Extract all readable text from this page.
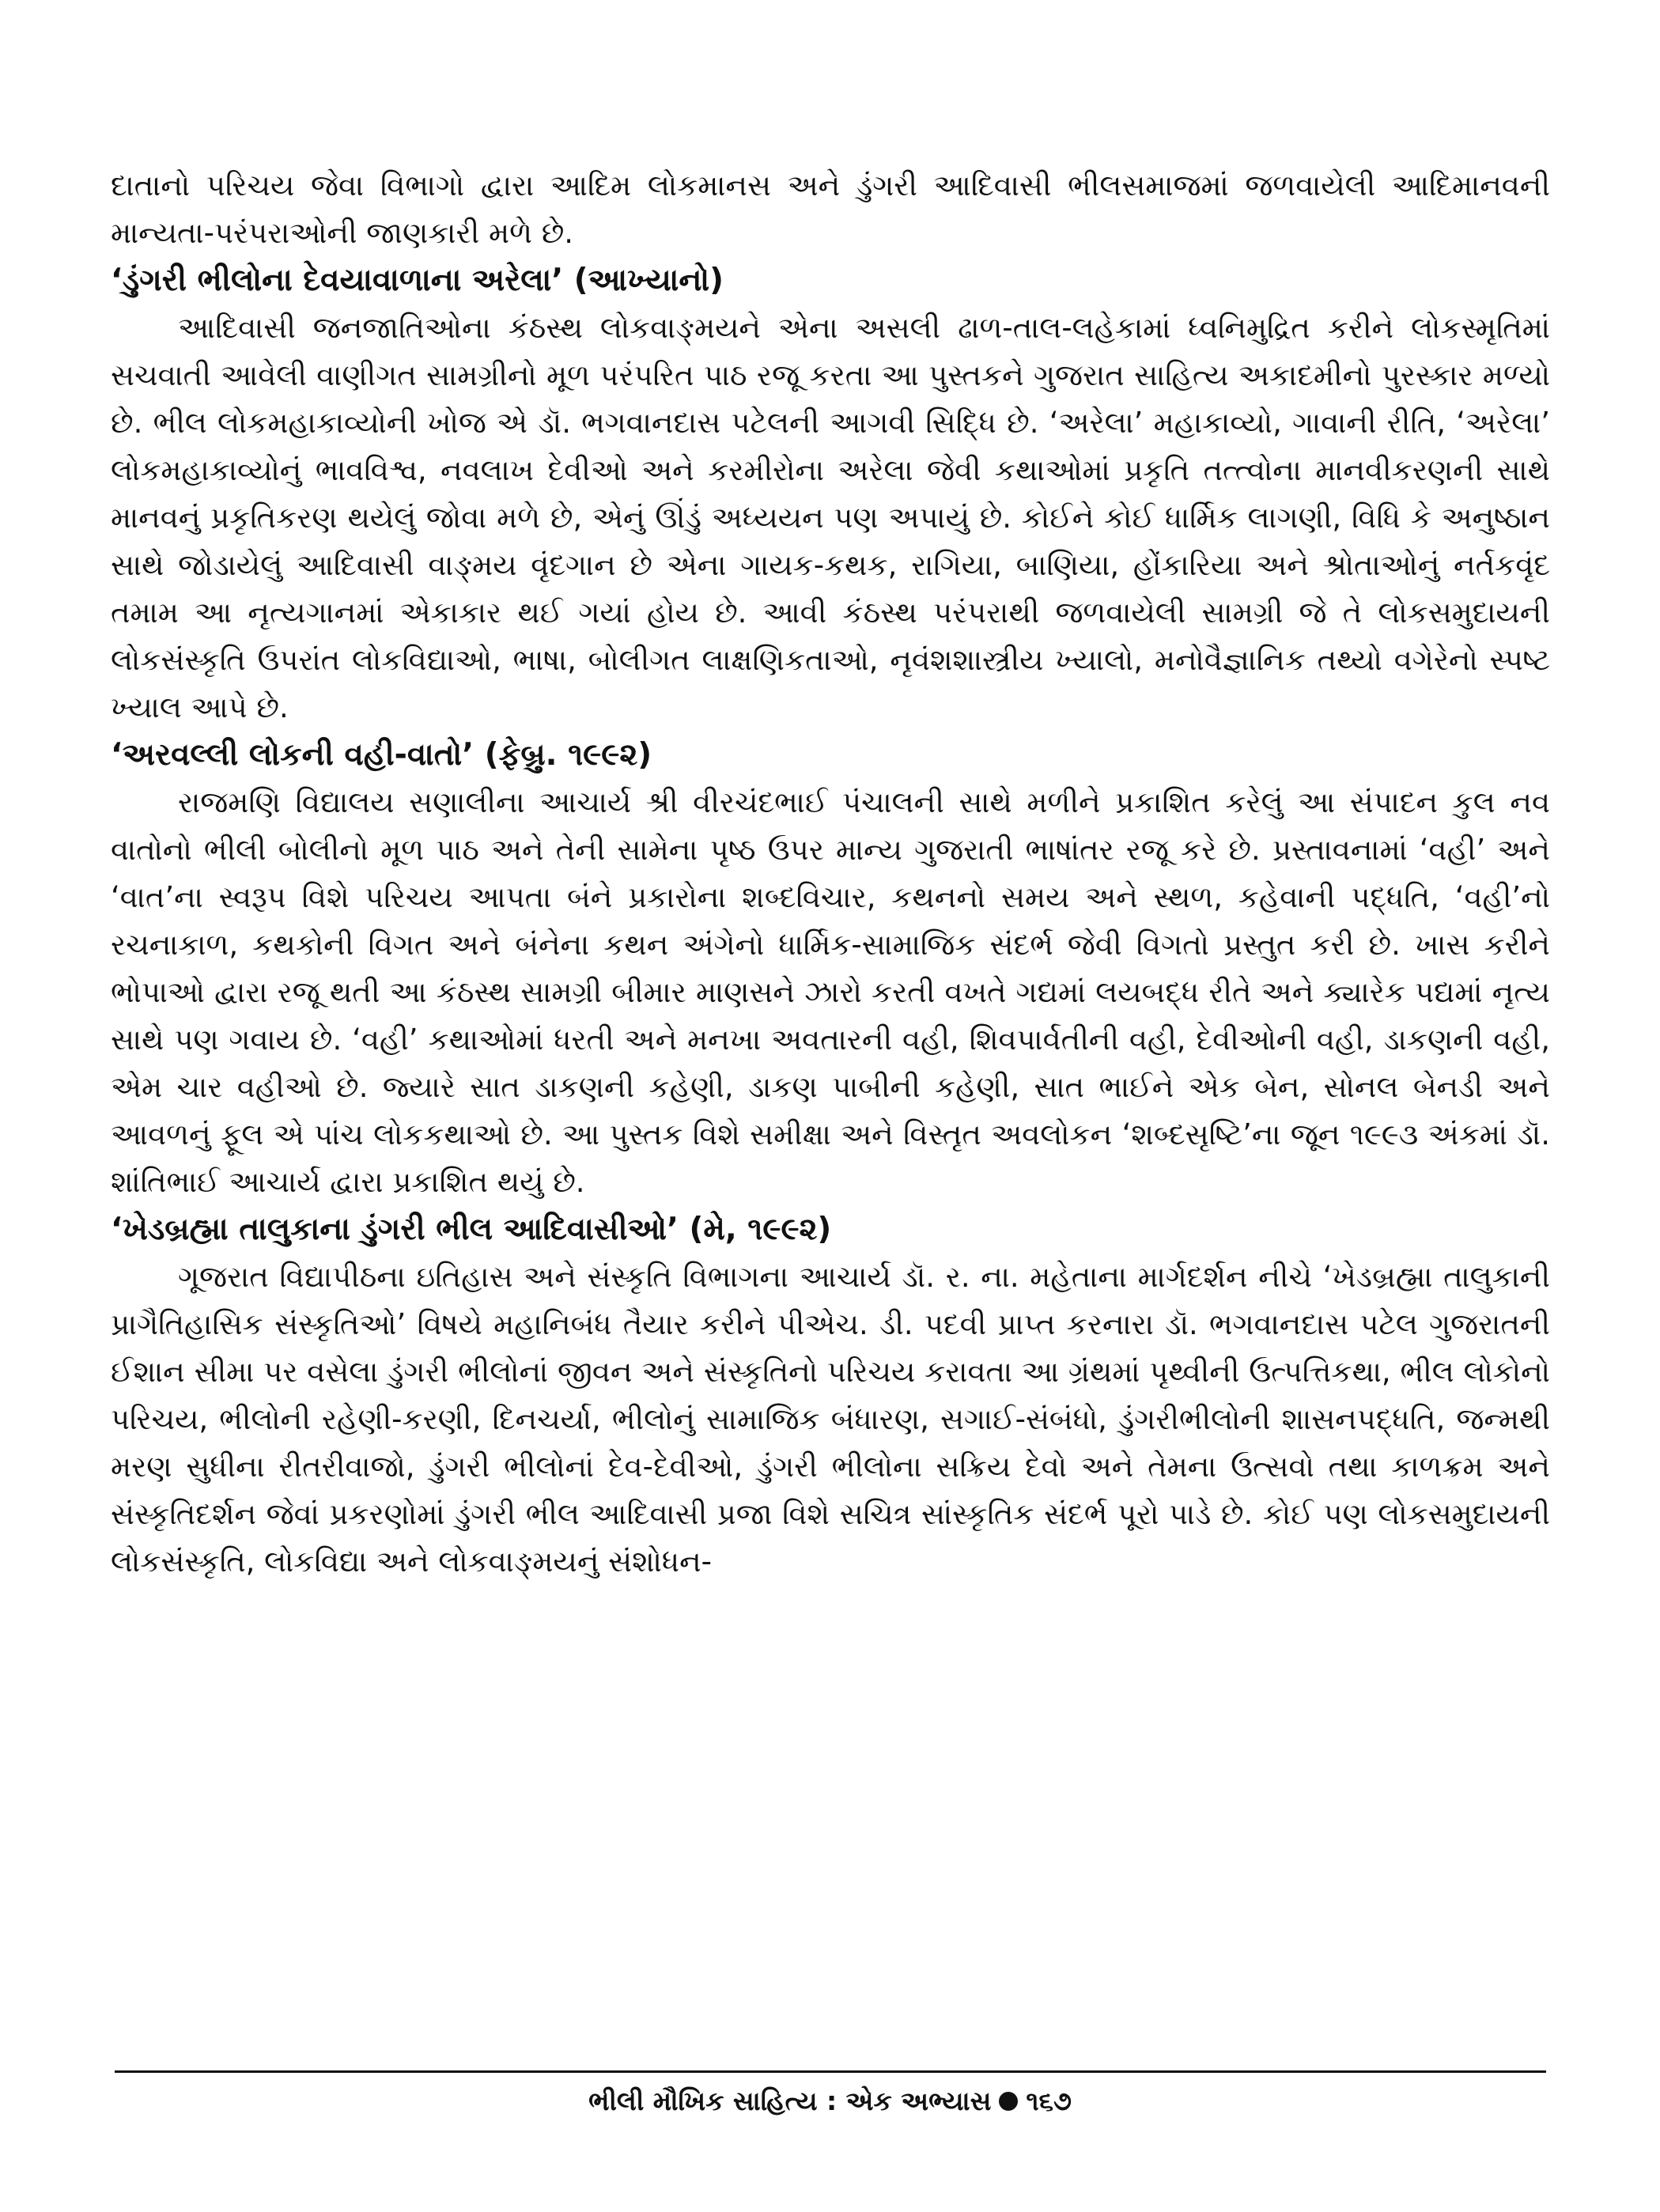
દાતાનો પરિચય જેવા વિભાગો દ્વારા આદિમ લોકમાનસ અને ડુંગરી આદિવાસી ભીલસમાજમાં જળવાયેલી આદિમાનવની માન્યતા-પરંપરાઓની જાણકારી મળે છે.

‘ડુંગરી ભીલોના દેવયાવાળાના અરેલા’ (આખ્યાનો)

આદિવાસી જનજાતિઓના કંઠસ્થ લોકવાઙ્મયને એના અસલી ઢાળ-તાલ-લહેકામાં ધ્વનિમુદ્રિત કરીને લોકસ્મૃતિમાં સચવાતી આવેલી વાણીગત સામગ્રીનો મૂળ પરંપરિત પાઠ રજૂ કરતા આ પુસ્તકને ગુજરાત સાહિત્ય અકાદમીનો પુરસ્કાર મળ્યો છે. ભીલ લોકમહાકાવ્યોની ખોજ એ ડૉ. ભગવાનદાસ પટેલની આગવી સિદ્ધિ છે. ‘અરેલા’ મહાકાવ્યો, ગાવાની રીતિ, ‘અરેલા’ લોકમહાકાવ્યોનું ભાવવિશ્વ, નવલાખ દેવીઓ અને કરમીરોના અરેલા જેવી કથાઓમાં પ્રકૃતિ તત્ત્વોના માનવીકરણની સાથે માનવનું પ્રકૃતિકરણ થયેલું જોવા મળે છે, એનું ઊંડું અધ્યયન પણ અપાયું છે. કોઈને કોઈ ધાર્મિક લાગણી, વિધિ કે અનુષ્ઠાન સાથે જોડાયેલું આદિવાસી વાઙ્મય વૃંદગાન છે એના ગાયક-કથક, રાગિયા, બાણિયા, હોંકારિયા અને શ્રોતાઓનું નર્તકવૃંદ તમામ આ નૃત્યગાનમાં એકાકાર થઈ ગયાં હોય છે. આવી કંઠસ્થ પરંપરાથી જળવાયેલી સામગ્રી જે તે લોકસમુદાયની લોકસંસ્કૃતિ ઉપરાંત લોકવિદ્યાઓ, ભાષા, બોલીગત લાક્ષણિકતાઓ, નૃવંશશાસ્ત્રીય ખ્યાલો, મનોવૈજ્ઞાનિક તથ્યો વગેરેનો સ્પષ્ટ ખ્યાલ આપે છે.

‘અરવલ્લી લોકની વહી-વાતો’ (ફેબ્રુ. ૧૯૯૨)

રાજમણિ વિદ્યાલય સણાલીના આચાર્ય શ્રી વીરચંદભાઈ પંચાલની સાથે મળીને પ્રકાશિત કરેલું આ સંપાદન કુલ નવ વાતોનો ભીલી બોલીનો મૂળ પાઠ અને તેની સામેના પૃષ્ઠ ઉપર માન્ય ગુજરાતી ભાષાંતર રજૂ કરે છે. પ્રસ્તાવનામાં ‘વહી’ અને ‘વાત’ના સ્વરૂપ વિશે પરિચય આપતા બંને પ્રકારોના શબ્દવિચાર, કથનનો સમય અને સ્થળ, કહેવાની પદ્ધતિ, ‘વહી’નો રચનાકાળ, કથકોની વિગત અને બંનેના કથન અંગેનો ધાર્મિક-સામાજિક સંદર્ભ જેવી વિગતો પ્રસ્તુત કરી છે. ખાસ કરીને ભોપાઓ દ્વારા રજૂ થતી આ કંઠસ્થ સામગ્રી બીમાર માણસને ઝારો કરતી વખતે ગદ્યમાં લયબદ્ધ રીતે અને ક્યારેક પદ્યમાં નૃત્ય સાથે પણ ગવાય છે. ‘વહી’ કથાઓમાં ધરતી અને મનખા અવતારની વહી, શિવપાર્વતીની વહી, દેવીઓની વહી, ડાકણની વહી, એમ ચાર વહીઓ છે. જ્યારે સાત ડાકણની કહેણી, ડાકણ પાબીની કહેણી, સાત ભાઈને એક બેન, સોનલ બેનડી અને આવળનું ફૂલ એ પાંચ લોકકથાઓ છે. આ પુસ્તક વિશે સમીક્ષા અને વિસ્તૃત અવલોકન ‘શબ્દસૃષ્ટિ’ના જૂન ૧૯૯૩ અંકમાં ડૉ. શાંતિભાઈ આચાર્ય દ્વારા પ્રકાશિત થયું છે.

‘ખેડબ્રહ્મા તાલુકાના ડુંગરી ભીલ આદિવાસીઓ’ (મે, ૧૯૯૨)

ગૂજરાત વિદ્યાપીઠના ઇતિહાસ અને સંસ્કૃતિ વિભાગના આચાર્ય ડૉ. ર. ના. મહેતાના માર્ગદર્શન નીચે ‘ખેડબ્રહ્મા તાલુકાની પ્રાગૈતિહાસિક સંસ્કૃતિઓ’ વિષયે મહાનિબંધ તૈયાર કરીને પીએચ. ડી. પદવી પ્રાપ્ત કરનારા ડૉ. ભગવાનદાસ પટેલ ગુજરાતની ઈશાન સીમા પર વસેલા ડુંગરી ભીલોનાં જીવન અને સંસ્કૃતિનો પરિચય કરાવતા આ ગ્રંથમાં પૃથ્વીની ઉત્પત્તિકથા, ભીલ લોકોનો પરિચય, ભીલોની રહેણી-કરણી, દિનચર્યા, ભીલોનું સામાજિક બંધારણ, સગાઈ-સંબંધો, ડુંગરીભીલોની શાસનપદ્ધતિ, જન્મથી મરણ સુધીના રીતરીવાજો, ડુંગરી ભીલોનાં દેવ-દેવીઓ, ડુંગરી ભીલોના સક્રિય દેવો અને તેમના ઉત્સવો તથા કાળક્રમ અને સંસ્કૃતિદર્શન જેવાં પ્રકરણોમાં ડુંગરી ભીલ આદિવાસી પ્રજા વિશે સચિત્ર સાંસ્કૃતિક સંદર્ભ પૂરો પાડે છે. કોઈ પણ લોકસમુદાયની લોકસંસ્કૃતિ, લોકવિદ્યા અને લોકવાઙ્મયનું સંશોધન-

ભીલી મૌખિક સાહિત્ય : એક અભ્યાસ ૧૬૭
